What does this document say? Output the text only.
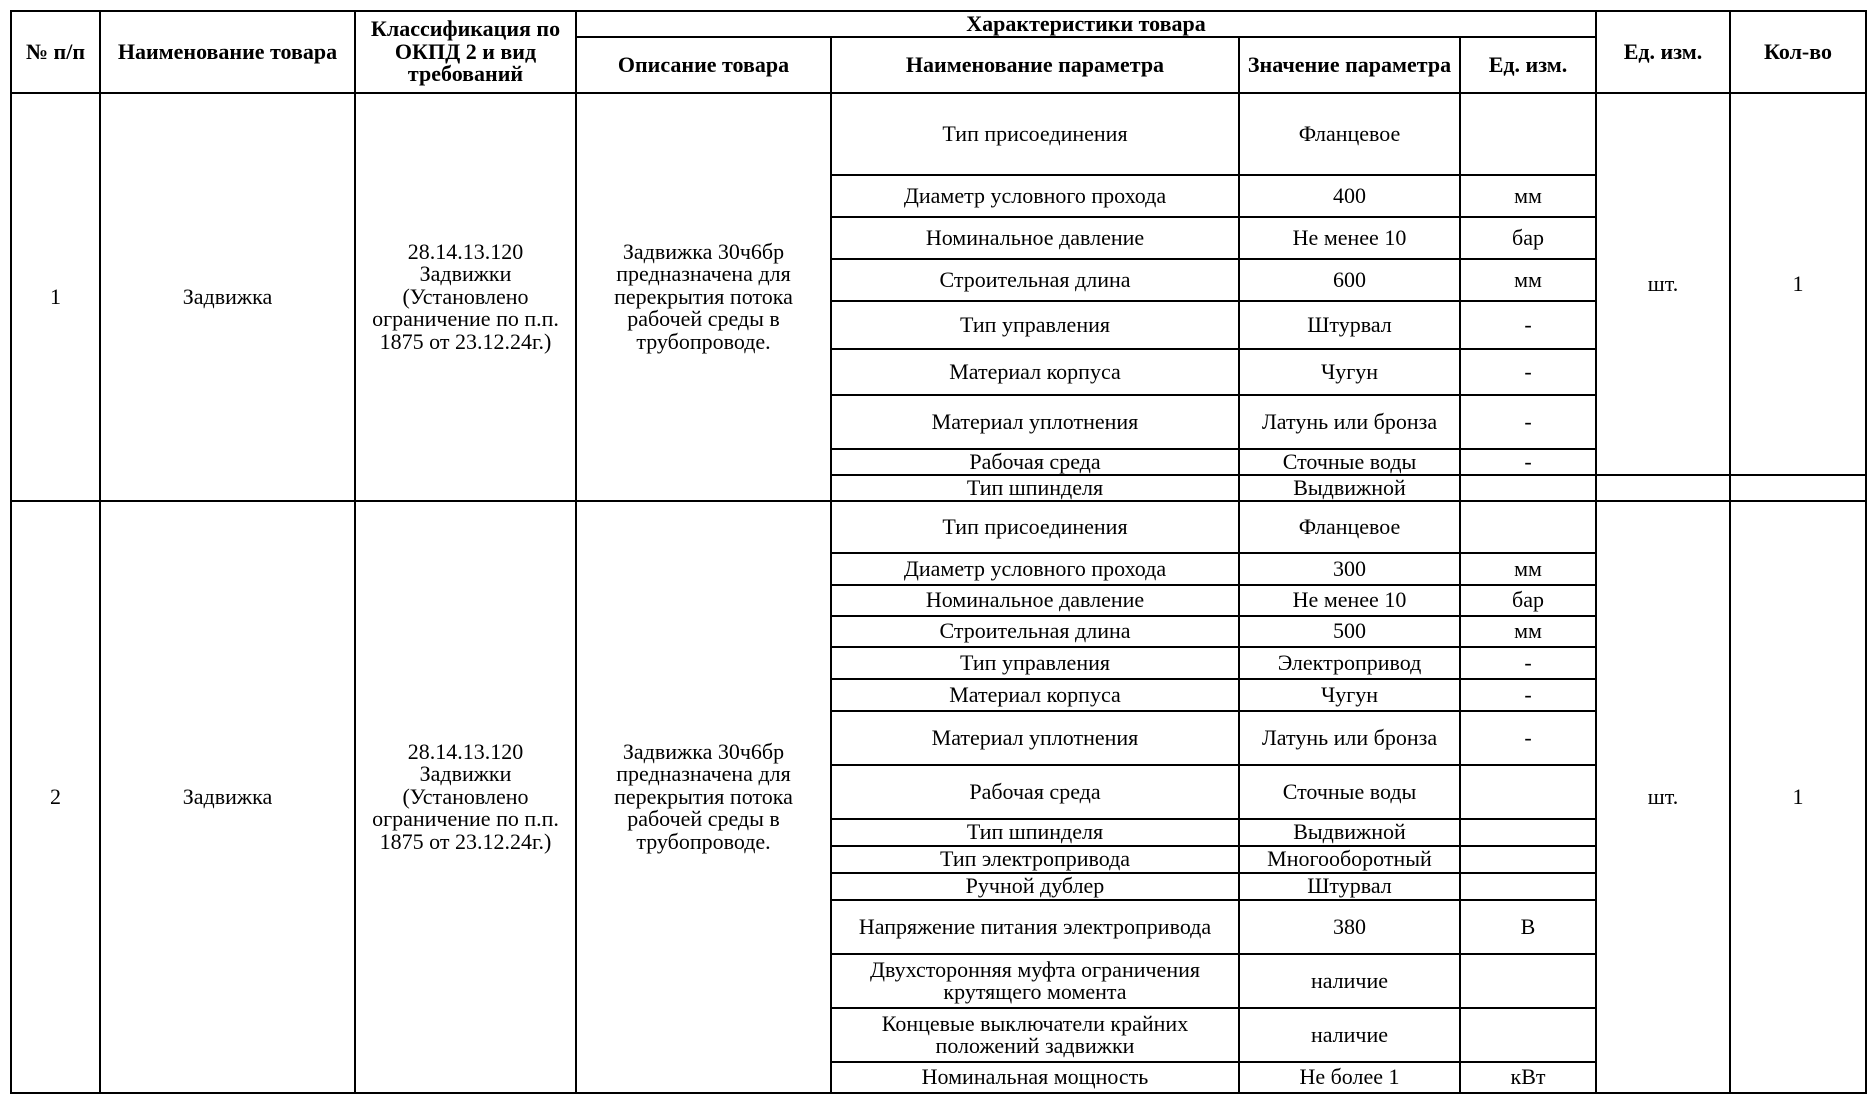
№ п/п	Наименование товара	Классификация по ОКПД 2 и вид требований	Характеристики товара				Ед. изм.	Кол-во
			Описание товара	Наименование параметра	Значение параметра	Ед. изм.		
1	Задвижка	28.14.13.120 Задвижки (Установлено ограничение по п.п. 1875 от 23.12.24г.)	Задвижка 30ч6бр предназначена для перекрытия потока рабочей среды в трубопроводе.	Тип присоединения	Фланцевое		шт.	1
				Диаметр условного прохода	400	мм		
				Номинальное давление	Не менее 10	бар		
				Строительная длина	600	мм		
				Тип управления	Штурвал	-		
				Материал корпуса	Чугун	-		
				Материал уплотнения	Латунь или бронза	-		
				Рабочая среда	Сточные воды	-		
				Тип шпинделя	Выдвижной			
2	Задвижка	28.14.13.120 Задвижки (Установлено ограничение по п.п. 1875 от 23.12.24г.)	Задвижка 30ч6бр предназначена для перекрытия потока рабочей среды в трубопроводе.	Тип присоединения	Фланцевое		шт.	1
				Диаметр условного прохода	300	мм		
				Номинальное давление	Не менее 10	бар		
				Строительная длина	500	мм		
				Тип управления	Электропривод	-		
				Материал корпуса	Чугун	-		
				Материал уплотнения	Латунь или бронза	-		
				Рабочая среда	Сточные воды			
				Тип шпинделя	Выдвижной			
				Тип электропривода	Многооборотный			
				Ручной дублер	Штурвал			
				Напряжение питания электропривода	380	В		
				Двухсторонняя муфта ограничения крутящего момента	наличие			
				Концевые выключатели крайних положений задвижки	наличие			
				Номинальная мощность	Не более 1	кВт		
